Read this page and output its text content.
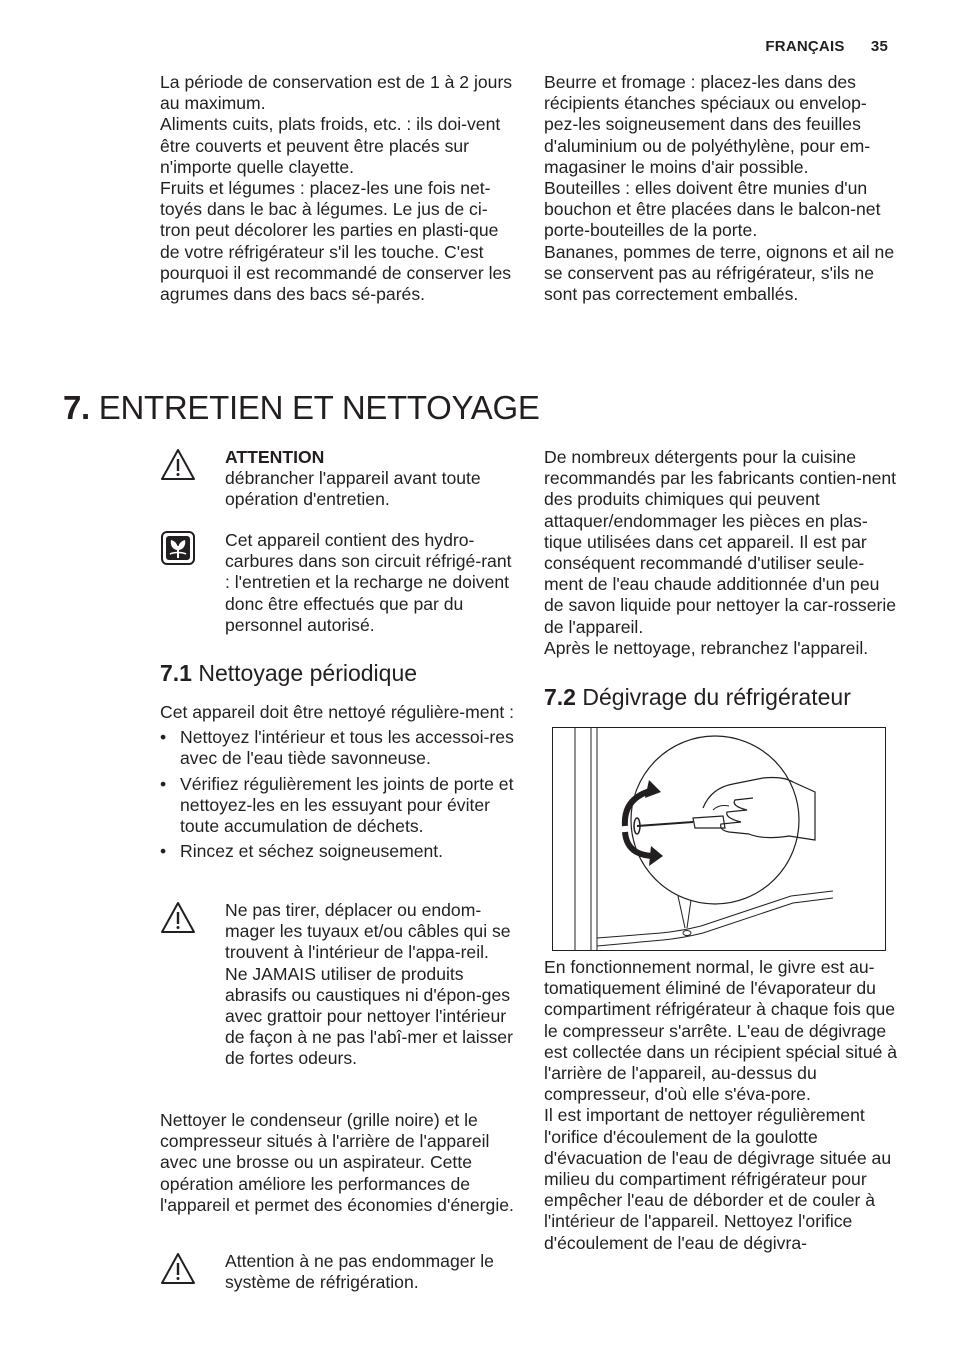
FRANÇAIS 35

La période de conservation est de 1 à 2 jours au maximum.

Aliments cuits, plats froids, etc. : ils doi-vent être couverts et peuvent être placés sur n'importe quelle clayette.

Fruits et légumes : placez-les une fois net-toyés dans le bac à légumes. Le jus de ci-tron peut décolorer les parties en plasti-que de votre réfrigérateur s'il les touche. C'est pourquoi il est recommandé de conserver les agrumes dans des bacs sé-parés.

Beurre et fromage : placez-les dans des récipients étanches spéciaux ou envelop-pez-les soigneusement dans des feuilles d'aluminium ou de polyéthylène, pour em-magasiner le moins d'air possible.

Bouteilles : elles doivent être munies d'un bouchon et être placées dans le balcon-net porte-bouteilles de la porte.

Bananes, pommes de terre, oignons et ail ne se conservent pas au réfrigérateur, s'ils ne sont pas correctement emballés.

7. ENTRETIEN ET NETTOYAGE
ATTENTION
débrancher l'appareil avant toute opération d'entretien.
Cet appareil contient des hydro-carbures dans son circuit réfrigé-rant : l'entretien et la recharge ne doivent donc être effectués que par du personnel autorisé.
7.1 Nettoyage périodique

Cet appareil doit être nettoyé régulière-ment :

• Nettoyez l'intérieur et tous les accessoi-res avec de l'eau tiède savonneuse.
• Vérifiez régulièrement les joints de porte et nettoyez-les en les essuyant pour éviter toute accumulation de déchets.
• Rincez et séchez soigneusement.
Ne pas tirer, déplacer ou endom-mager les tuyaux et/ou câbles qui se trouvent à l'intérieur de l'appa-reil.
Ne JAMAIS utiliser de produits abrasifs ou caustiques ni d'épon-ges avec grattoir pour nettoyer l'intérieur de façon à ne pas l'abî-mer et laisser de fortes odeurs.

Nettoyer le condenseur (grille noire) et le compresseur situés à l'arrière de l'appareil avec une brosse ou un aspirateur. Cette opération améliore les performances de l'appareil et permet des économies d'énergie.

Attention à ne pas endommager le système de réfrigération.

De nombreux détergents pour la cuisine recommandés par les fabricants contien-nent des produits chimiques qui peuvent attaquer/endommager les pièces en plas-tique utilisées dans cet appareil. Il est par conséquent recommandé d'utiliser seule-ment de l'eau chaude additionnée d'un peu de savon liquide pour nettoyer la car-rosserie de l'appareil.

Après le nettoyage, rebranchez l'appareil.

7.2 Dégivrage du réfrigérateur

En fonctionnement normal, le givre est au-tomatiquement éliminé de l'évaporateur du compartiment réfrigérateur à chaque fois que le compresseur s'arrête. L'eau de dégivrage est collectée dans un récipient spécial situé à l'arrière de l'appareil, au-dessus du compresseur, d'où elle s'éva-pore.

Il est important de nettoyer régulièrement l'orifice d'écoulement de la goulotte d'évacuation de l'eau de dégivrage située au milieu du compartiment réfrigérateur pour empêcher l'eau de déborder et de couler à l'intérieur de l'appareil. Nettoyez l'orifice d'écoulement de l'eau de dégivra-
